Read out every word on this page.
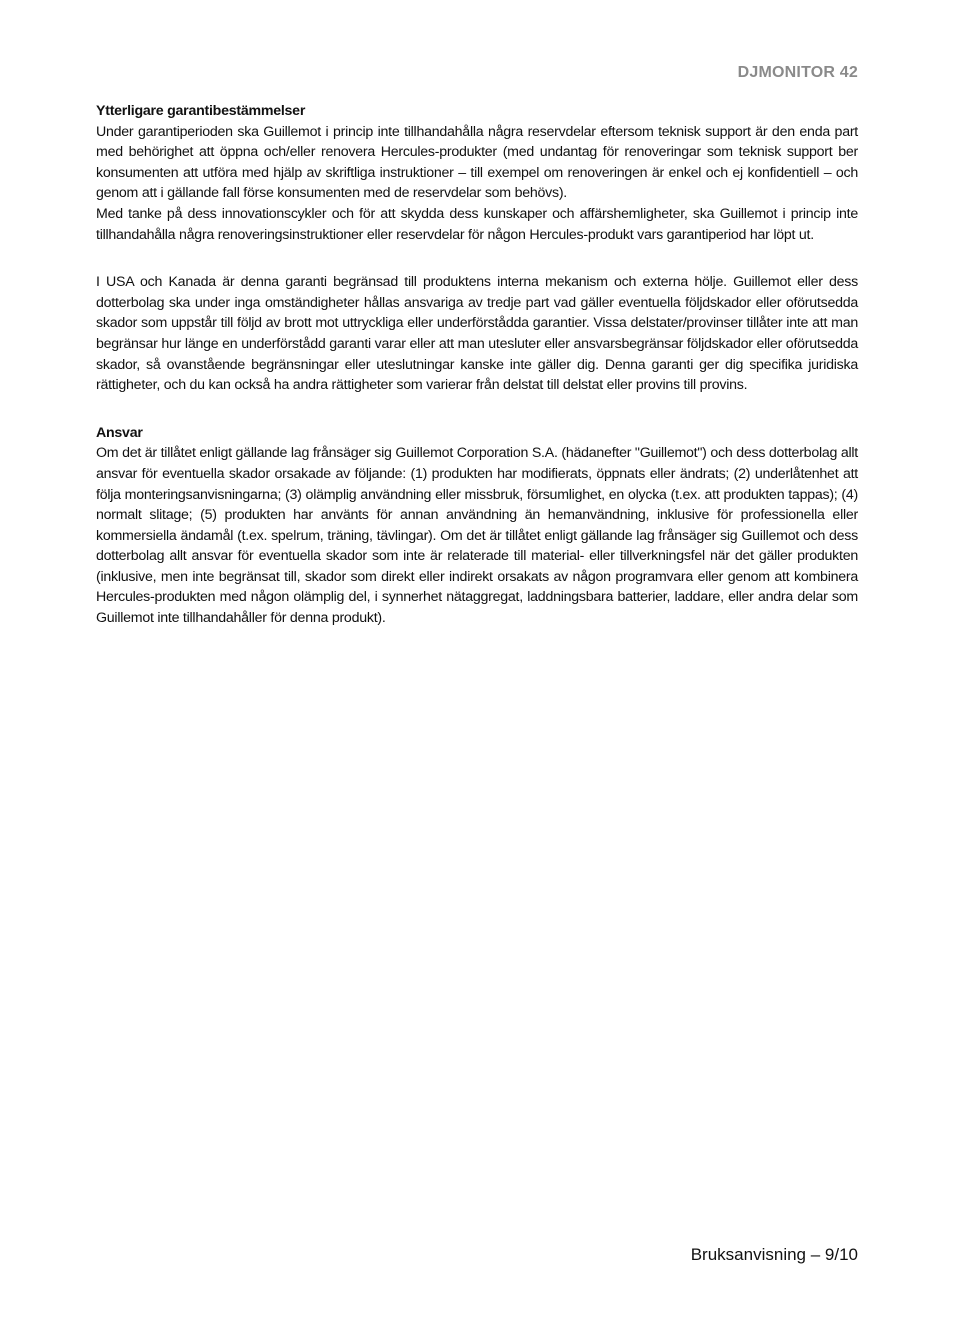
DJMONITOR 42
Ytterligare garantibestämmelser

Under garantiperioden ska Guillemot i princip inte tillhandahålla några reservdelar eftersom teknisk support är den enda part med behörighet att öppna och/eller renovera Hercules-produkter (med undantag för renoveringar som teknisk support ber konsumenten att utföra med hjälp av skriftliga instruktioner – till exempel om renoveringen är enkel och ej konfidentiell – och genom att i gällande fall förse konsumenten med de reservdelar som behövs).

Med tanke på dess innovationscykler och för att skydda dess kunskaper och affärshemligheter, ska Guillemot i princip inte tillhandahålla några renoveringsinstruktioner eller reservdelar för någon Hercules-produkt vars garantiperiod har löpt ut.

I USA och Kanada är denna garanti begränsad till produktens interna mekanism och externa hölje. Guillemot eller dess dotterbolag ska under inga omständigheter hållas ansvariga av tredje part vad gäller eventuella följdskador eller oförutsedda skador som uppstår till följd av brott mot uttryckliga eller underförstådda garantier. Vissa delstater/provinser tillåter inte att man begränsar hur länge en underförstådd garanti varar eller att man utesluter eller ansvarsbegränsar följdskador eller oförutsedda skador, så ovanstående begränsningar eller uteslutningar kanske inte gäller dig. Denna garanti ger dig specifika juridiska rättigheter, och du kan också ha andra rättigheter som varierar från delstat till delstat eller provins till provins.

Ansvar

Om det är tillåtet enligt gällande lag frånsäger sig Guillemot Corporation S.A. (hädanefter "Guillemot") och dess dotterbolag allt ansvar för eventuella skador orsakade av följande: (1) produkten har modifierats, öppnats eller ändrats; (2) underlåtenhet att följa monteringsanvisningarna; (3) olämplig användning eller missbruk, försumlighet, en olycka (t.ex. att produkten tappas); (4) normalt slitage; (5) produkten har använts för annan användning än hemanvändning, inklusive för professionella eller kommersiella ändamål (t.ex. spelrum, träning, tävlingar). Om det är tillåtet enligt gällande lag frånsäger sig Guillemot och dess dotterbolag allt ansvar för eventuella skador som inte är relaterade till material- eller tillverkningsfel när det gäller produkten (inklusive, men inte begränsat till, skador som direkt eller indirekt orsakats av någon programvara eller genom att kombinera Hercules-produkten med någon olämplig del, i synnerhet nätaggregat, laddningsbara batterier, laddare, eller andra delar som Guillemot inte tillhandahåller för denna produkt).

Bruksanvisning – 9/10
